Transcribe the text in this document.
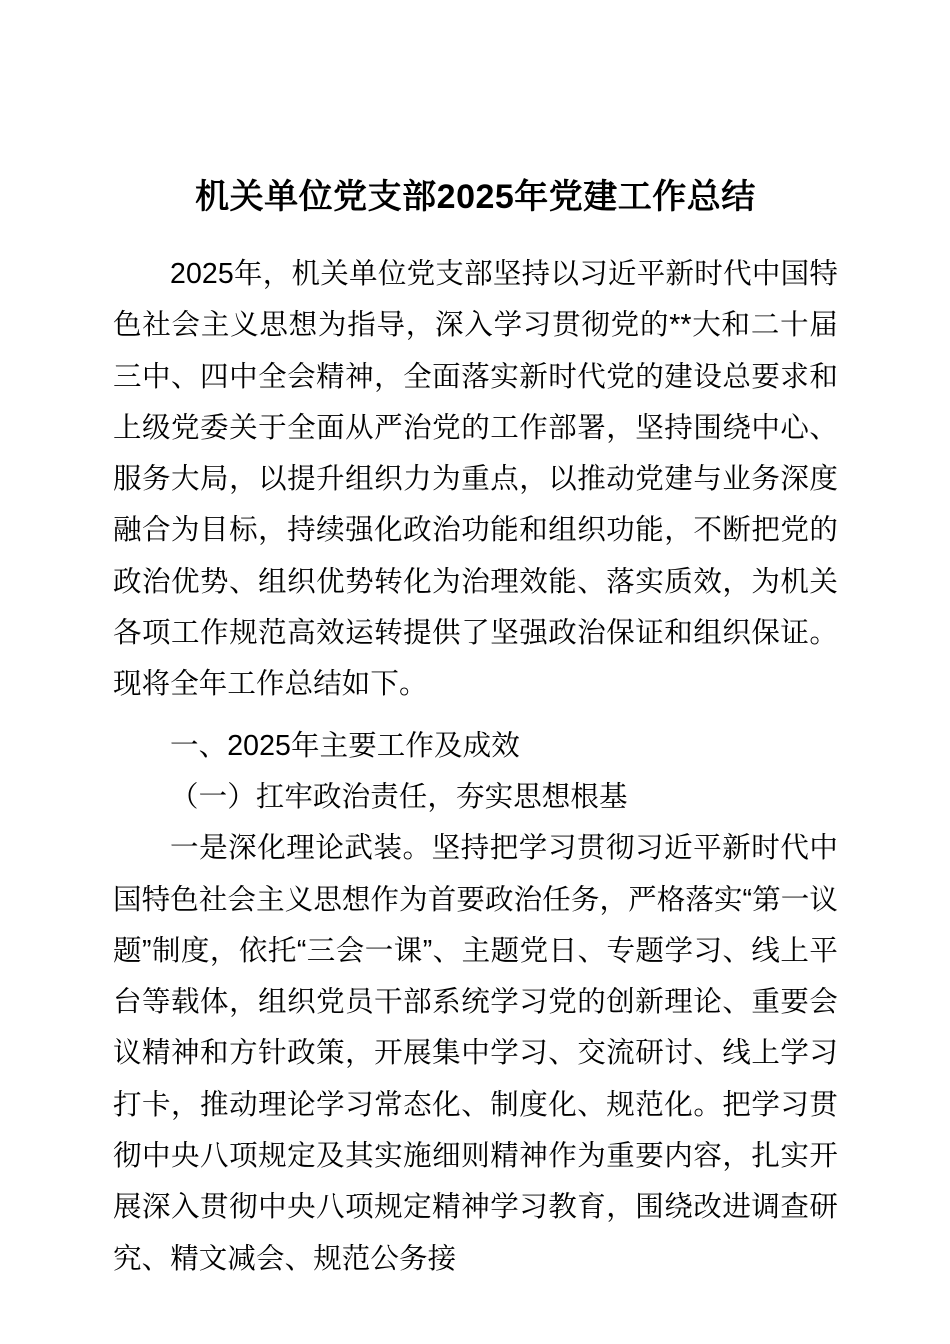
机关单位党支部2025年党建工作总结

2025年，机关单位党支部坚持以习近平新时代中国特色社会主义思想为指导，深入学习贯彻党的**大和二十届三中、四中全会精神，全面落实新时代党的建设总要求和上级党委关于全面从严治党的工作部署，坚持围绕中心、服务大局，以提升组织力为重点，以推动党建与业务深度融合为目标，持续强化政治功能和组织功能，不断把党的政治优势、组织优势转化为治理效能、落实质效，为机关各项工作规范高效运转提供了坚强政治保证和组织保证。现将全年工作总结如下。

一、2025年主要工作及成效

（一）扛牢政治责任，夯实思想根基

一是深化理论武装。坚持把学习贯彻习近平新时代中国特色社会主义思想作为首要政治任务，严格落实“第一议题”制度，依托“三会一课”、主题党日、专题学习、线上平台等载体，组织党员干部系统学习党的创新理论、重要会议精神和方针政策，开展集中学习、交流研讨、线上学习打卡，推动理论学习常态化、制度化、规范化。把学习贯彻中央八项规定及其实施细则精神作为重要内容，扎实开展深入贯彻中央八项规定精神学习教育，围绕改进调查研究、精文减会、规范公务接
